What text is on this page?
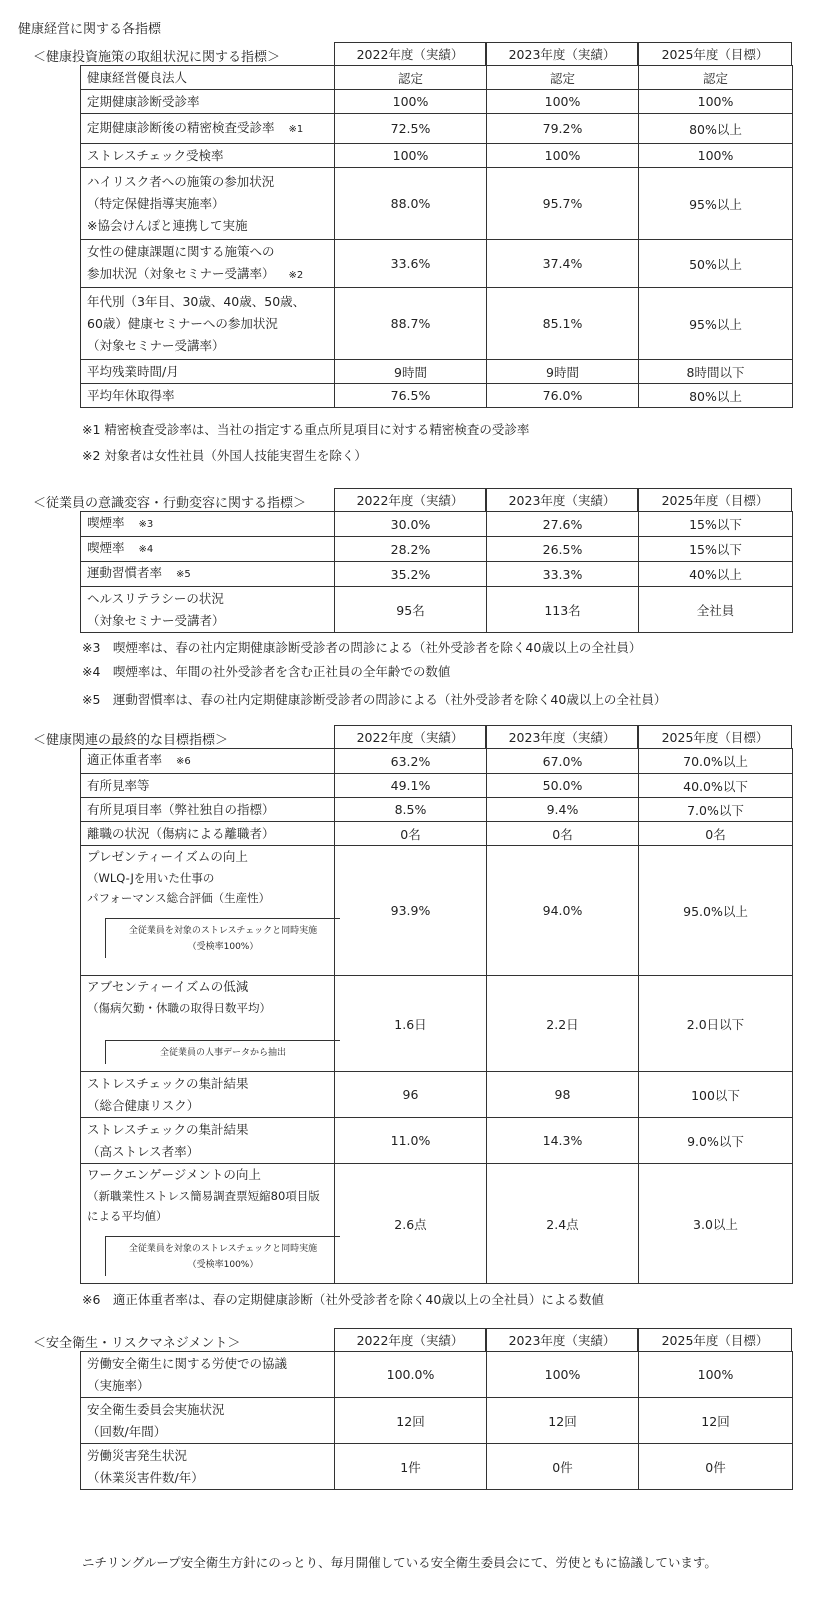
健康経営に関する各指標
＜健康投資施策の取組状況に関する指標＞	2022年度（実績）	2023年度（実績）	2025年度（目標）
健康経営優良法人	認定	認定	認定

定期健康診断受診率	100%	100%	100%

定期健康診断後の精密検査受診率 ※1	72.5%	79.2%	80%以上

ストレスチェック受検率	100%	100%	100%

ハイリスク者への施策の参加状況
（特定保健指導実施率）
※協会けんぽと連携して実施	88.0%	95.7%	95%以上

女性の健康課題に関する施策への
参加状況（対象セミナー受講率） ※2	33.6%	37.4%	50%以上

年代別（3年目、30歳、40歳、50歳、
60歳）健康セミナーへの参加状況
（対象セミナー受講率）	88.7%	85.1%	95%以上

平均残業時間/月	9時間	9時間	8時間以下

平均年休取得率	76.5%	76.0%	80%以上
※1 精密検査受診率は、当社の指定する重点所見項目に対する精密検査の受診率
※2 対象者は女性社員（外国人技能実習生を除く）
＜従業員の意識変容・行動変容に関する指標＞	2022年度（実績）	2023年度（実績）	2025年度（目標）
喫煙率 ※3	30.0%	27.6%	15%以下

喫煙率 ※4	28.2%	26.5%	15%以下

運動習慣者率 ※5	35.2%	33.3%	40%以上

ヘルスリテラシーの状況
（対象セミナー受講者）	95名	113名	全社員
※3　喫煙率は、春の社内定期健康診断受診者の問診による（社外受診者を除く40歳以上の全社員）
※4　喫煙率は、年間の社外受診者を含む正社員の全年齢での数値
※5　運動習慣率は、春の社内定期健康診断受診者の問診による（社外受診者を除く40歳以上の全社員）
＜健康関連の最終的な目標指標＞	2022年度（実績）	2023年度（実績）	2025年度（目標）
適正体重者率 ※6	63.2%	67.0%	70.0%以上

有所見率等	49.1%	50.0%	40.0%以下

有所見項目率（弊社独自の指標）	8.5%	9.4%	7.0%以下

離職の状況（傷病による離職者）	0名	0名	0名

プレゼンティーイズムの向上
（WLQ-Jを用いた仕事の
パフォーマンス総合評価（生産性）
全従業員を対象のストレスチェックと同時実施
（受検率100%）	93.9%	94.0%	95.0%以上

アブセンティーイズムの低減
（傷病欠勤・休職の取得日数平均）
全従業員の人事データから抽出	1.6日	2.2日	2.0日以下

ストレスチェックの集計結果
（総合健康リスク）	96	98	100以下

ストレスチェックの集計結果
（高ストレス者率）	11.0%	14.3%	9.0%以下

ワークエンゲージメントの向上
（新職業性ストレス簡易調査票短縮80項目版
による平均値）
全従業員を対象のストレスチェックと同時実施
（受検率100%）	2.6点	2.4点	3.0以上
※6　適正体重者率は、春の定期健康診断（社外受診者を除く40歳以上の全社員）による数値
＜安全衛生・リスクマネジメント＞	2022年度（実績）	2023年度（実績）	2025年度（目標）
労働安全衛生に関する労使での協議
（実施率）	100.0%	100%	100%

安全衛生委員会実施状況
（回数/年間）	12回	12回	12回

労働災害発生状況
（休業災害件数/年）	1件	0件	0件
ニチリングループ安全衛生方針にのっとり、毎月開催している安全衛生委員会にて、労使ともに協議しています。
